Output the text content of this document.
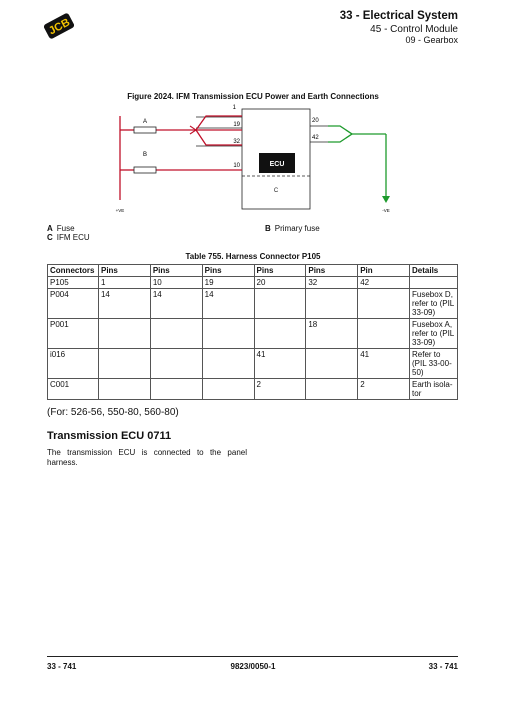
JCB
33 - Electrical System
45 - Control Module
09 - Gearbox
Figure 2024. IFM Transmission ECU Power and Earth Connections
ECU
C
1
19
32
10
A
B
20
42
+VE	-VE
A Fuse	B Primary fuse
C IFM ECU
Table 755. Harness Connector P105
Connectors	Pins	Pins	Pins	Pins	Pins	Pin	Details
P105	1	10	19	20	32	42	
P004	14	14	14				Fusebox D, refer to (PIL 33-09)
P001					18		Fusebox A, refer to (PIL 33-09)
i016				41		41	Refer to (PIL 33-00-50)
C001				2		2	Earth isola-tor
(For: 526-56, 550-80, 560-80)
Transmission ECU 0711
The transmission ECU is connected to the panel harness.
33 - 741	9823/0050-1	33 - 741
